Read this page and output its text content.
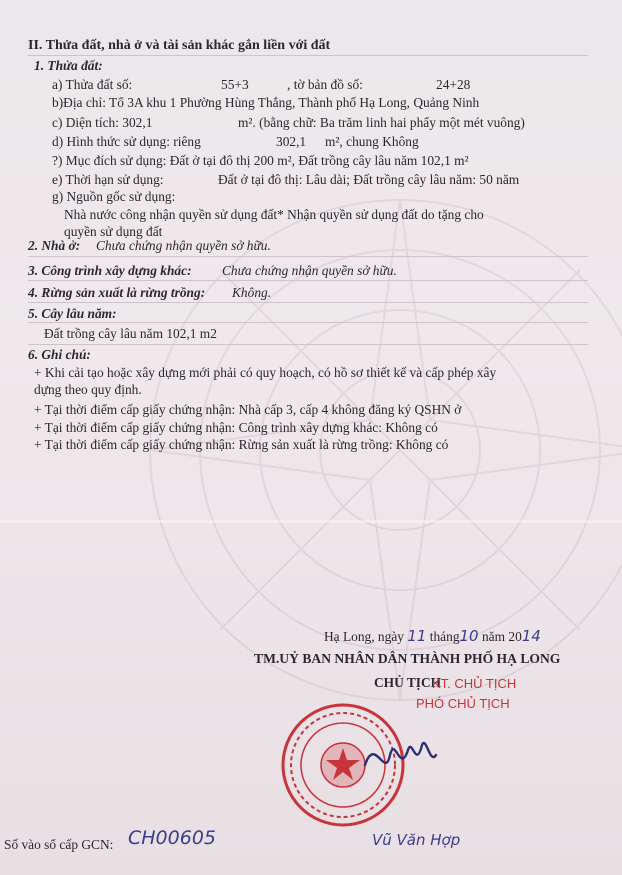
II. Thửa đất, nhà ở và tài sản khác gắn liền với đất
1. Thửa đất:
a) Thửa đất số:	55+3	, tờ bản đồ số:	24+28
b)Địa chỉ: Tổ 3A khu 1 Phường Hùng Thắng, Thành phố Hạ Long, Quảng Ninh
c) Diện tích: 302,1	m². (bằng chữ: Ba trăm linh hai phẩy một mét vuông)
d) Hình thức sử dụng: riêng	302,1 m², chung Không
?) Mục đích sử dụng: Đất ở tại đô thị 200 m², Đất trồng cây lâu năm 102,1 m²
e) Thời hạn sử dụng:	Đất ở tại đô thị: Lâu dài; Đất trồng cây lâu năm: 50 năm
g) Nguồn gốc sử dụng:
Nhà nước công nhận quyền sử dụng đất* Nhận quyền sử dụng đất do tặng cho
quyền sử dụng đất
2. Nhà ở: Chưa chứng nhận quyền sở hữu.
3. Công trình xây dựng khác: Chưa chứng nhận quyền sở hữu.
4. Rừng sản xuất là rừng trồng: Không.
5. Cây lâu năm:
Đất trồng cây lâu năm 102,1 m2
6. Ghi chú:
+ Khi cải tạo hoặc xây dựng mới phải có quy hoạch, có hồ sơ thiết kế và cấp phép xây
dựng theo quy định.
+ Tại thời điểm cấp giấy chứng nhận: Nhà cấp 3, cấp 4 không đăng ký QSHN ở
+ Tại thời điểm cấp giấy chứng nhận: Công trình xây dựng khác: Không có
+ Tại thời điểm cấp giấy chứng nhận: Rừng sản xuất là rừng trồng: Không có
Hạ Long, ngày 11 tháng10 năm 2014
TM.UỶ BAN NHÂN DÂN THÀNH PHỐ HẠ LONG
CHỦ TỊCH
KT. CHỦ TỊCH
PHÓ CHỦ TỊCH
Vũ Văn Hợp
Số vào sổ cấp GCN: CH00605
